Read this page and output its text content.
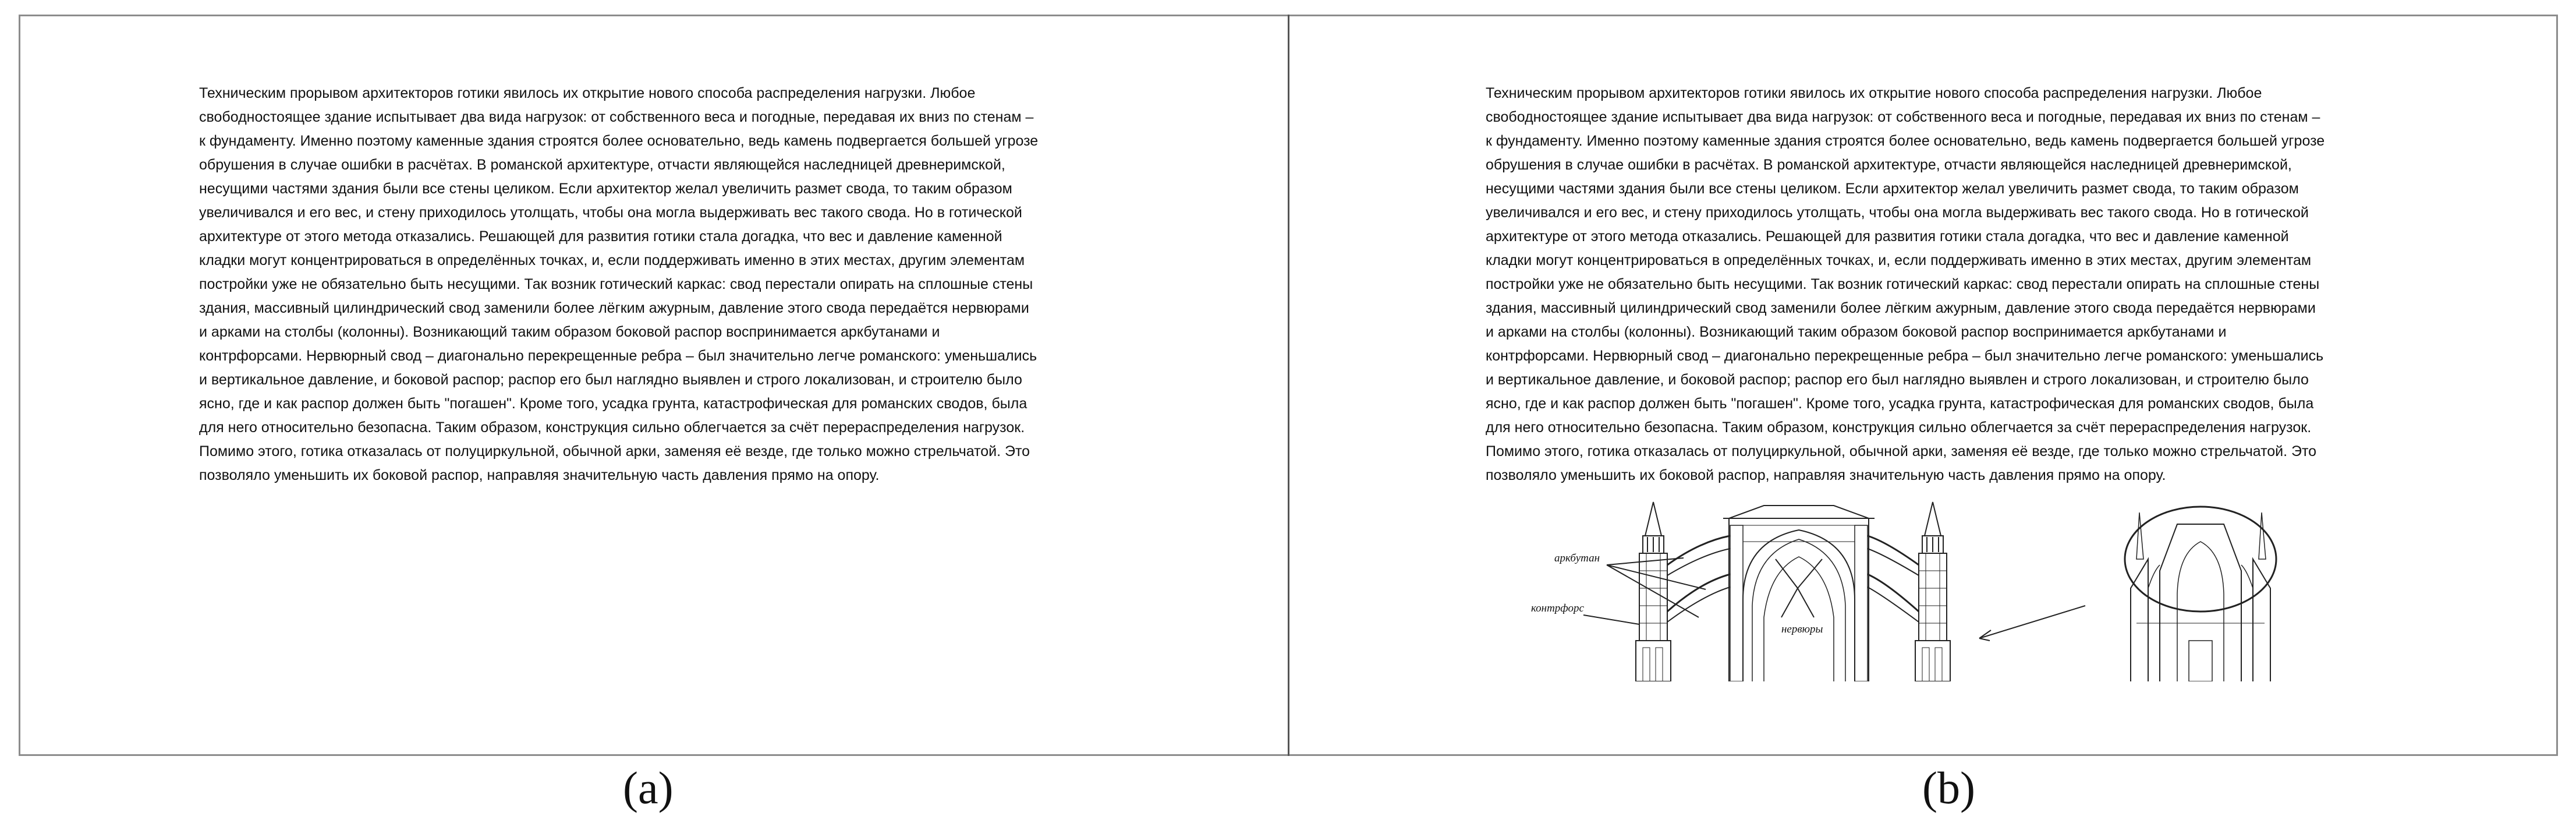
Техническим прорывом архитекторов готики явилось их открытие нового способа распределения нагрузки. Любое
свободностоящее здание испытывает два вида нагрузок: от собственного веса и погодные, передавая их вниз по стенам –
к фундаменту. Именно поэтому каменные здания строятся более основательно, ведь камень подвергается большей угрозе
обрушения в случае ошибки в расчётах. В романской архитектуре, отчасти являющейся наследницей древнеримской,
несущими частями здания были все стены целиком. Если архитектор желал увеличить размет свода, то таким образом
увеличивался и его вес, и стену приходилось утолщать, чтобы она могла выдерживать вес такого свода. Но в готической
архитектуре от этого метода отказались. Решающей для развития готики стала догадка, что вес и давление каменной
кладки могут концентрироваться в определённых точках, и, если поддерживать именно в этих местах, другим элементам
постройки уже не обязательно быть несущими. Так возник готический каркас: свод перестали опирать на сплошные стены
здания, массивный цилиндрический свод заменили более лёгким ажурным, давление этого свода передаётся нервюрами
и арками на столбы (колонны). Возникающий таким образом боковой распор воспринимается аркбутанами и
контрфорсами. Нервюрный свод – диагонально перекрещенные ребра – был значительно легче романского: уменьшались
и вертикальное давление, и боковой распор; распор его был наглядно выявлен и строго локализован, и строителю было
ясно, где и как распор должен быть "погашен". Кроме того, усадка грунта, катастрофическая для романских сводов, была
для него относительно безопасна. Таким образом, конструкция сильно облегчается за счёт перераспределения нагрузок.
Помимо этого, готика отказалась от полуциркульной, обычной арки, заменяя её везде, где только можно стрельчатой. Это
позволяло уменьшить их боковой распор, направляя значительную часть давления прямо на опору.
Техническим прорывом архитекторов готики явилось их открытие нового способа распределения нагрузки. Любое
свободностоящее здание испытывает два вида нагрузок: от собственного веса и погодные, передавая их вниз по стенам –
к фундаменту. Именно поэтому каменные здания строятся более основательно, ведь камень подвергается большей угрозе
обрушения в случае ошибки в расчётах. В романской архитектуре, отчасти являющейся наследницей древнеримской,
несущими частями здания были все стены целиком. Если архитектор желал увеличить размет свода, то таким образом
увеличивался и его вес, и стену приходилось утолщать, чтобы она могла выдерживать вес такого свода. Но в готической
архитектуре от этого метода отказались. Решающей для развития готики стала догадка, что вес и давление каменной
кладки могут концентрироваться в определённых точках, и, если поддерживать именно в этих местах, другим элементам
постройки уже не обязательно быть несущими. Так возник готический каркас: свод перестали опирать на сплошные стены
здания, массивный цилиндрический свод заменили более лёгким ажурным, давление этого свода передаётся нервюрами
и арками на столбы (колонны). Возникающий таким образом боковой распор воспринимается аркбутанами и
контрфорсами. Нервюрный свод – диагонально перекрещенные ребра – был значительно легче романского: уменьшались
и вертикальное давление, и боковой распор; распор его был наглядно выявлен и строго локализован, и строителю было
ясно, где и как распор должен быть "погашен". Кроме того, усадка грунта, катастрофическая для романских сводов, была
для него относительно безопасна. Таким образом, конструкция сильно облегчается за счёт перераспределения нагрузок.
Помимо этого, готика отказалась от полуциркульной, обычной арки, заменяя её везде, где только можно стрельчатой. Это
позволяло уменьшить их боковой распор, направляя значительную часть давления прямо на опору.
аркбутан
контрфорс
нервюры
(a)	(b)
